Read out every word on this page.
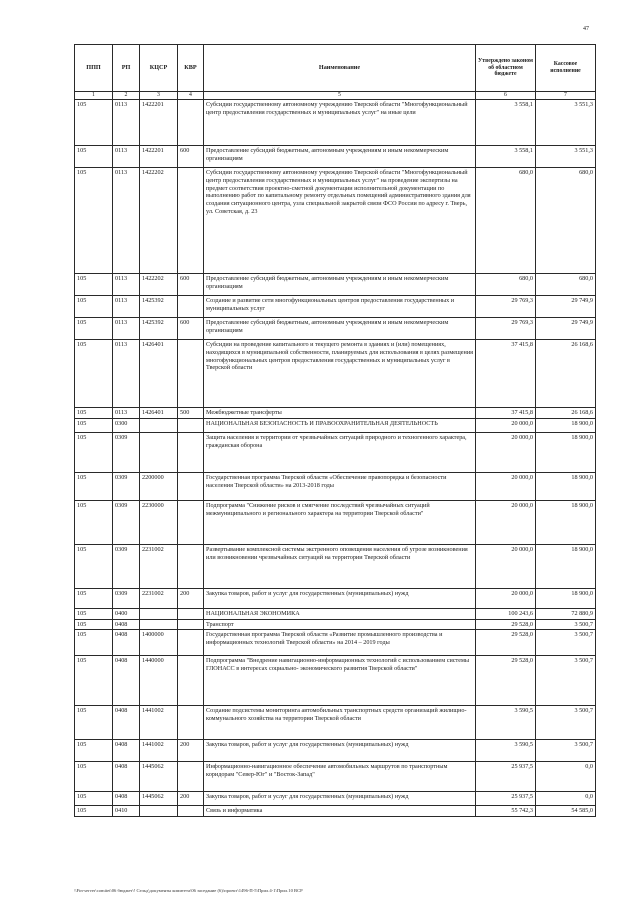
47
ППП	РП	КЦСР	КВР	Наименование	Утверждено законом об областном бюджете	Кассовое исполнение
1	2	3	4	5	6	7
105	0113	1422201		Субсидии государственному автономному учреждению Тверской области "Многофункциональный центр предоставления государственных и муниципальных услуг" на иные цели	3 558,1	3 551,3
105	0113	1422201	600	Предоставление субсидий бюджетным, автономным учреждениям и иным некоммерческим организациям	3 558,1	3 551,3
105	0113	1422202		Субсидии государственному автономному учреждению Тверской области "Многофункциональный центр предоставления государственных и муниципальных услуг" на проведение экспертизы на предмет соответствия проектно-сметной документации исполнительной документации по выполнению работ по капитальному ремонту отдельных помещений административного здания для создания ситуационного центра, узла специальной закрытой связи ФСО России по адресу г. Тверь, ул. Советская, д. 23	680,0	680,0
105	0113	1422202	600	Предоставление субсидий бюджетным, автономным учреждениям и иным некоммерческим организациям	680,0	680,0
105	0113	1425392		Создание и развитие сети многофункциональных центров предоставления государственных и муниципальных услуг	29 769,3	29 749,9
105	0113	1425392	600	Предоставление субсидий бюджетным, автономным учреждениям и иным некоммерческим организациям	29 769,3	29 749,9
105	0113	1426401		Субсидии на проведение капитального и текущего ремонта в зданиях и (или) помещениях, находящихся в муниципальной собственности, планируемых для использования в целях размещения многофункциональных центров предоставления государственных и муниципальных услуг в Тверской области	37 415,8	26 168,6
105	0113	1426401	500	Межбюджетные трансферты	37 415,8	26 168,6
105	0300			НАЦИОНАЛЬНАЯ БЕЗОПАСНОСТЬ И ПРАВООХРАНИТЕЛЬНАЯ ДЕЯТЕЛЬНОСТЬ	20 000,0	18 900,0
105	0309			Защита населения и территории от чрезвычайных ситуаций природного и техногенного характера, гражданская оборона	20 000,0	18 900,0
105	0309	2200000		Государственная программа Тверской области «Обеспечение правопорядка и безопасности населения Тверской области» на 2013-2018 годы	20 000,0	18 900,0
105	0309	2230000		Подпрограмма "Снижение рисков и смягчение последствий чрезвычайных ситуаций межмуниципального и регионального характера на территории Тверской области"	20 000,0	18 900,0
105	0309	2231002		Развертывание комплексной системы экстренного оповещения населения об угрозе возникновения или возникновении чрезвычайных ситуаций на территории Тверской области	20 000,0	18 900,0
105	0309	2231002	200	Закупка товаров, работ и услуг для государственных (муниципальных) нужд	20 000,0	18 900,0
105	0400			НАЦИОНАЛЬНАЯ ЭКОНОМИКА	100 243,6	72 880,9
105	0408			Транспорт	29 528,0	3 500,7
105	0408	1400000		Государственная программа Тверской области «Развитие промышленного производства и информационных технологий Тверской области» на 2014 – 2019 годы	29 528,0	3 500,7
105	0408	1440000		Подпрограмма "Внедрение навигационно-информационных технологий с использованием системы ГЛОНАСС в интересах социально- экономического развития Тверской области"	29 528,0	3 500,7
105	0408	1441002		Создание подсистемы мониторинга автомобильных транспортных средств организаций жилищно-коммунального хозяйства на территории Тверской области	3 590,5	3 500,7
105	0408	1441002	200	Закупка товаров, работ и услуг для государственных (муниципальных) нужд	3 590,5	3 500,7
105	0408	1445062		Информационно-навигационное обеспечение автомобильных маршрутов по транспортным коридорам "Север-Юг" и "Восток-Запад"	25 937,5	0,0
105	0408	1445062	200	Закупка товаров, работ и услуг для государственных (муниципальных) нужд	25 937,5	0,0
105	0410			Связь и информатика	55 742,3	54 585,0
\\Fin-server\comitet\06 бюджет\! Сельд\документы комитета\06 заседание (6)\проект\1496-П-5\Прил.4-1\Прил.10 ВСР
